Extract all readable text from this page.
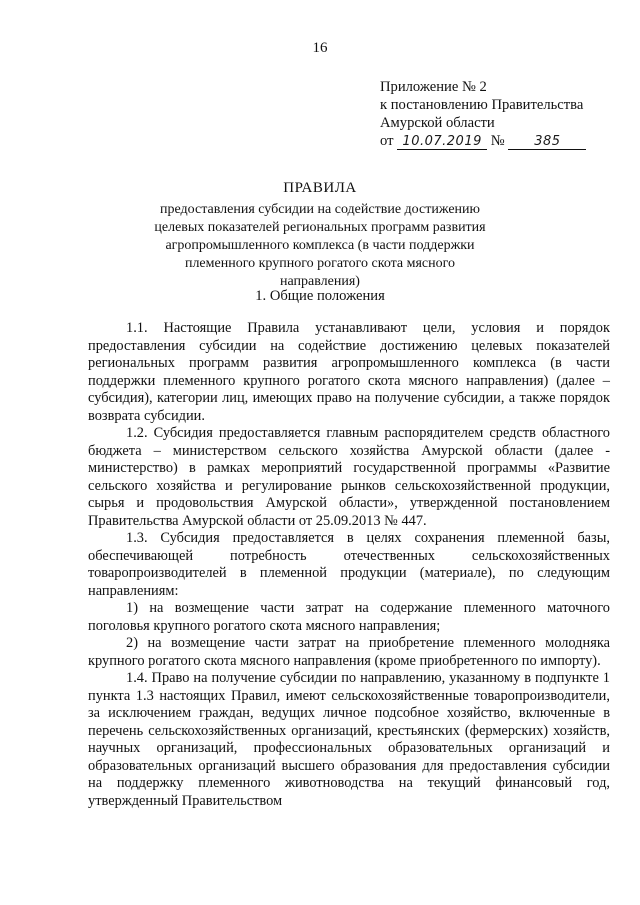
16
Приложение № 2
к постановлению Правительства
Амурской области
от 10.07.2019 № 385
ПРАВИЛА
предоставления субсидии на содействие достижению целевых показателей региональных программ развития агропромышленного комплекса (в части поддержки племенного крупного рогатого скота мясного направления)
1. Общие положения

1.1. Настоящие Правила устанавливают цели, условия и порядок предоставления субсидии на содействие достижению целевых показателей региональных программ развития агропромышленного комплекса (в части поддержки племенного крупного рогатого скота мясного направления) (далее – субсидия), категории лиц, имеющих право на получение субсидии, а также порядок возврата субсидии.

1.2. Субсидия предоставляется главным распорядителем средств областного бюджета – министерством сельского хозяйства Амурской области (далее - министерство) в рамках мероприятий государственной программы «Развитие сельского хозяйства и регулирование рынков сельскохозяйственной продукции, сырья и продовольствия Амурской области», утвержденной постановлением Правительства Амурской области от 25.09.2013 № 447.

1.3. Субсидия предоставляется в целях сохранения племенной базы, обеспечивающей потребность отечественных сельскохозяйственных товаропроизводителей в племенной продукции (материале), по следующим направлениям:

1) на возмещение части затрат на содержание племенного маточного поголовья крупного рогатого скота мясного направления;

2) на возмещение части затрат на приобретение племенного молодняка крупного рогатого скота мясного направления (кроме приобретенного по импорту).

1.4. Право на получение субсидии по направлению, указанному в подпункте 1 пункта 1.3 настоящих Правил, имеют сельскохозяйственные товаропроизводители, за исключением граждан, ведущих личное подсобное хозяйство, включенные в перечень сельскохозяйственных организаций, крестьянских (фермерских) хозяйств, научных организаций, профессиональных образовательных организаций и образовательных организаций высшего образования для предоставления субсидии на поддержку племенного животноводства на текущий финансовый год, утвержденный Правительством
